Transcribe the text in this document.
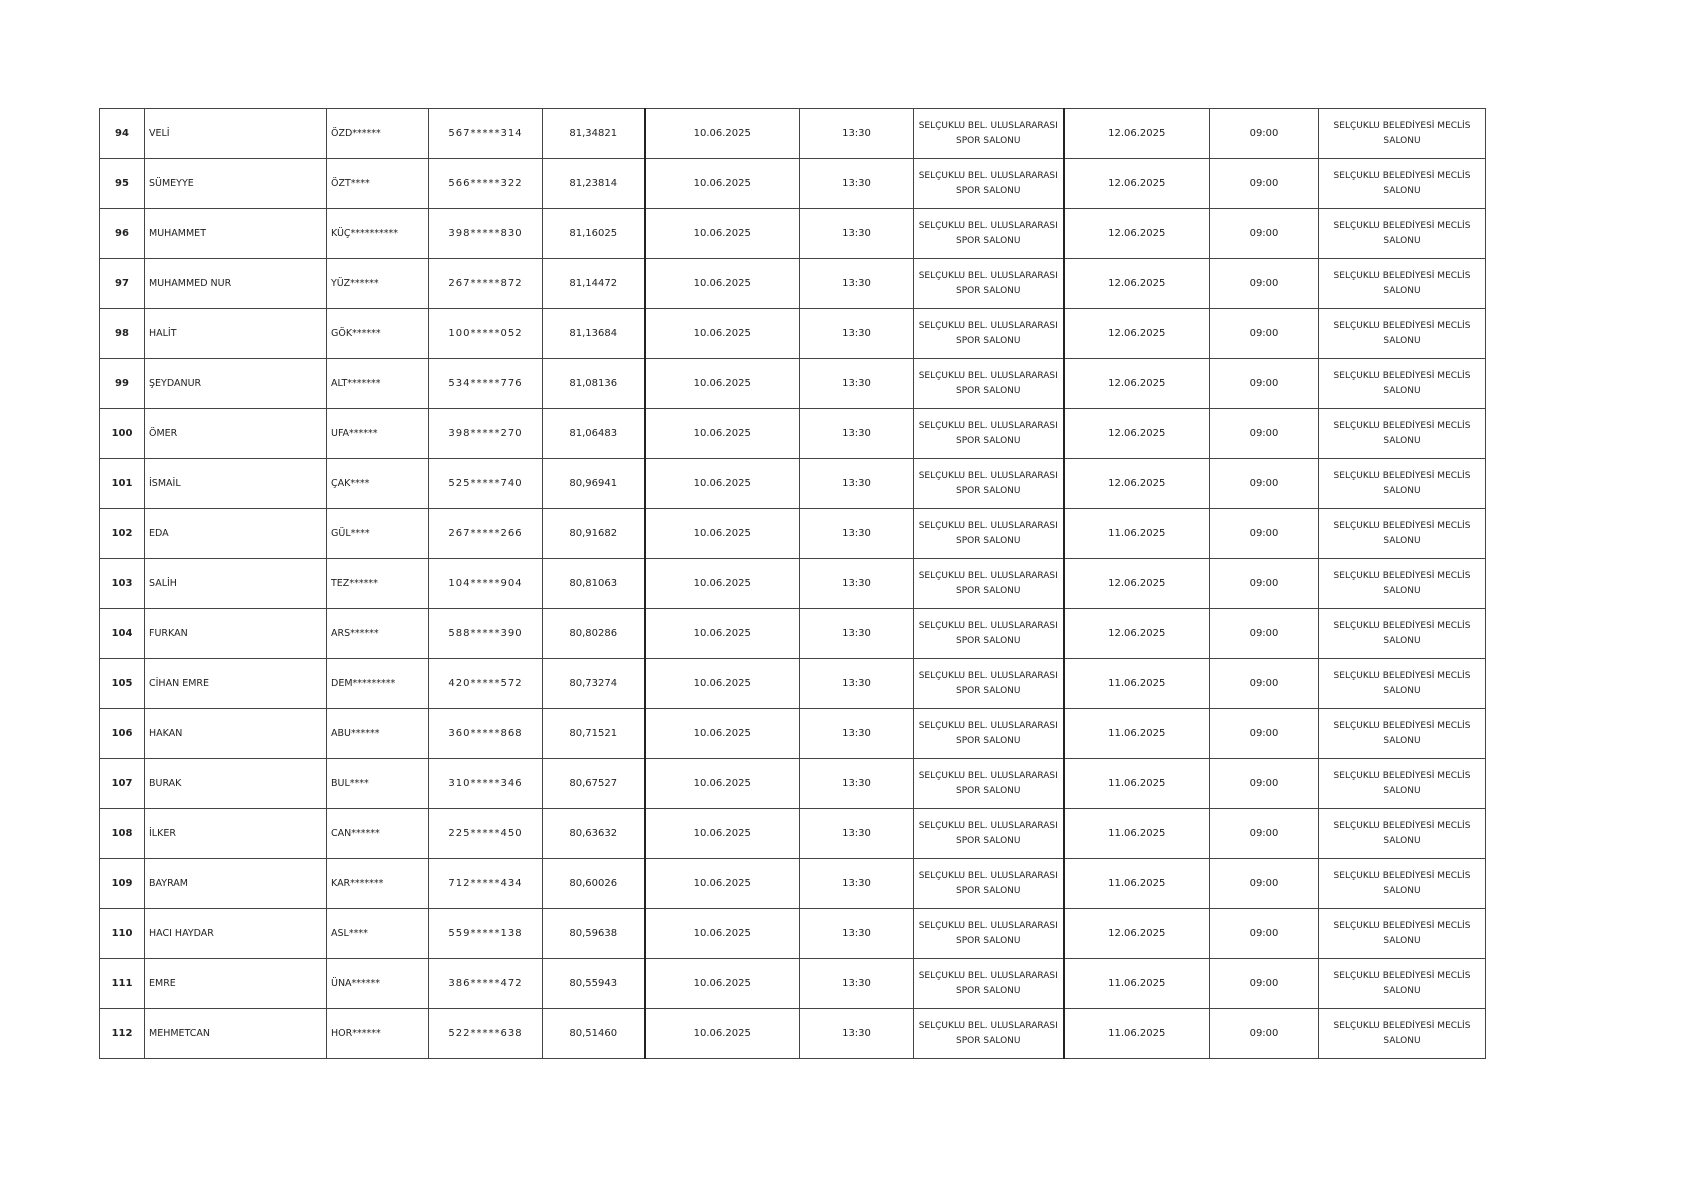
94	VELİ	ÖZD******	567*****314	81,34821	10.06.2025	13:30	SELÇUKLU BEL. ULUSLARARASI SPOR SALONU	12.06.2025	09:00	SELÇUKLU BELEDİYESİ MECLİS SALONU
95	SÜMEYYE	ÖZT****	566*****322	81,23814	10.06.2025	13:30	SELÇUKLU BEL. ULUSLARARASI SPOR SALONU	12.06.2025	09:00	SELÇUKLU BELEDİYESİ MECLİS SALONU
96	MUHAMMET	KÜÇ**********	398*****830	81,16025	10.06.2025	13:30	SELÇUKLU BEL. ULUSLARARASI SPOR SALONU	12.06.2025	09:00	SELÇUKLU BELEDİYESİ MECLİS SALONU
97	MUHAMMED NUR	YÜZ******	267*****872	81,14472	10.06.2025	13:30	SELÇUKLU BEL. ULUSLARARASI SPOR SALONU	12.06.2025	09:00	SELÇUKLU BELEDİYESİ MECLİS SALONU
98	HALİT	GÖK******	100*****052	81,13684	10.06.2025	13:30	SELÇUKLU BEL. ULUSLARARASI SPOR SALONU	12.06.2025	09:00	SELÇUKLU BELEDİYESİ MECLİS SALONU
99	ŞEYDANUR	ALT*******	534*****776	81,08136	10.06.2025	13:30	SELÇUKLU BEL. ULUSLARARASI SPOR SALONU	12.06.2025	09:00	SELÇUKLU BELEDİYESİ MECLİS SALONU
100	ÖMER	UFA******	398*****270	81,06483	10.06.2025	13:30	SELÇUKLU BEL. ULUSLARARASI SPOR SALONU	12.06.2025	09:00	SELÇUKLU BELEDİYESİ MECLİS SALONU
101	İSMAİL	ÇAK****	525*****740	80,96941	10.06.2025	13:30	SELÇUKLU BEL. ULUSLARARASI SPOR SALONU	12.06.2025	09:00	SELÇUKLU BELEDİYESİ MECLİS SALONU
102	EDA	GÜL****	267*****266	80,91682	10.06.2025	13:30	SELÇUKLU BEL. ULUSLARARASI SPOR SALONU	11.06.2025	09:00	SELÇUKLU BELEDİYESİ MECLİS SALONU
103	SALİH	TEZ******	104*****904	80,81063	10.06.2025	13:30	SELÇUKLU BEL. ULUSLARARASI SPOR SALONU	12.06.2025	09:00	SELÇUKLU BELEDİYESİ MECLİS SALONU
104	FURKAN	ARS******	588*****390	80,80286	10.06.2025	13:30	SELÇUKLU BEL. ULUSLARARASI SPOR SALONU	12.06.2025	09:00	SELÇUKLU BELEDİYESİ MECLİS SALONU
105	CİHAN EMRE	DEM*********	420*****572	80,73274	10.06.2025	13:30	SELÇUKLU BEL. ULUSLARARASI SPOR SALONU	11.06.2025	09:00	SELÇUKLU BELEDİYESİ MECLİS SALONU
106	HAKAN	ABU******	360*****868	80,71521	10.06.2025	13:30	SELÇUKLU BEL. ULUSLARARASI SPOR SALONU	11.06.2025	09:00	SELÇUKLU BELEDİYESİ MECLİS SALONU
107	BURAK	BUL****	310*****346	80,67527	10.06.2025	13:30	SELÇUKLU BEL. ULUSLARARASI SPOR SALONU	11.06.2025	09:00	SELÇUKLU BELEDİYESİ MECLİS SALONU
108	İLKER	CAN******	225*****450	80,63632	10.06.2025	13:30	SELÇUKLU BEL. ULUSLARARASI SPOR SALONU	11.06.2025	09:00	SELÇUKLU BELEDİYESİ MECLİS SALONU
109	BAYRAM	KAR*******	712*****434	80,60026	10.06.2025	13:30	SELÇUKLU BEL. ULUSLARARASI SPOR SALONU	11.06.2025	09:00	SELÇUKLU BELEDİYESİ MECLİS SALONU
110	HACI HAYDAR	ASL****	559*****138	80,59638	10.06.2025	13:30	SELÇUKLU BEL. ULUSLARARASI SPOR SALONU	12.06.2025	09:00	SELÇUKLU BELEDİYESİ MECLİS SALONU
111	EMRE	ÜNA******	386*****472	80,55943	10.06.2025	13:30	SELÇUKLU BEL. ULUSLARARASI SPOR SALONU	11.06.2025	09:00	SELÇUKLU BELEDİYESİ MECLİS SALONU
112	MEHMETCAN	HOR******	522*****638	80,51460	10.06.2025	13:30	SELÇUKLU BEL. ULUSLARARASI SPOR SALONU	11.06.2025	09:00	SELÇUKLU BELEDİYESİ MECLİS SALONU
